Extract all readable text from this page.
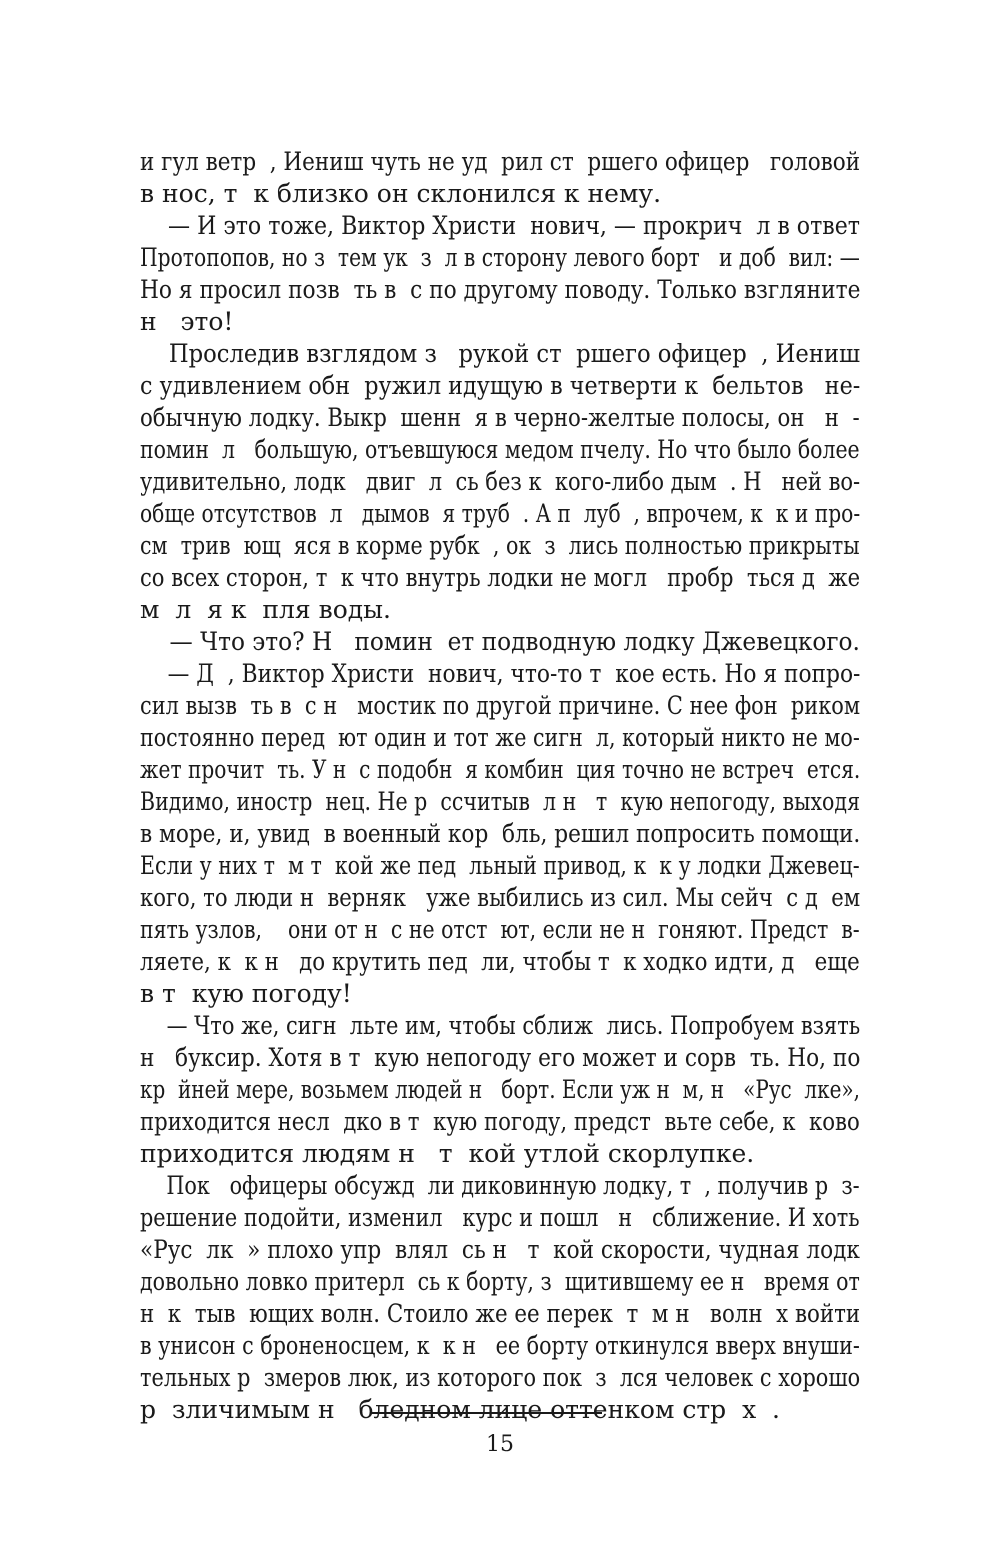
и гул ветр  , Иениш чуть не уд  рил ст  ршего офицер   головой
в нос, т  к близко он склонился к нему.
— И это тоже, Виктор Христи  нович, — прокрич  л в ответПротопопов, но з  тем ук  з  л в сторону левого борт   и доб  вил: —Но я просил позв  ть в  с по другому поводу. Только взгляните
н   это!
Проследив взглядом з   рукой ст  ршего офицер  , Иенишс удивлением обн  ружил идущую в четверти к  бельтов   не-обычную лодку. Выкр  шенн  я в черно-желтые полосы, он   н  -помин  л   большую, отъевшуюся медом пчелу. Но что было болееудивительно, лодк   двиг  л  сь без к  кого-либо дым  . Н   ней во-обще отсутствов  л   дымов  я труб  . А п  луб  , впрочем, к  к и про-см  трив  ющ  яся в корме рубк  , ок  з  лись полностью прикрытысо всех сторон, т  к что внутрь лодки не могл   пробр  ться д  же
м  л  я к  пля воды.
— Что это? Н   помин  ет подводную лодку Джевецкого.    — Д  , Виктор Христи  нович, что-то т  кое есть. Но я попро-сил вызв  ть в  с н   мостик по другой причине. С нее фон  рикомпостоянно перед  ют один и тот же сигн  л, который никто не мо-жет прочит  ть. У н  с подобн  я комбин  ция точно не встреч  ется.Видимо, иностр  нец. Не р  ссчитыв  л н   т  кую непогоду, выходяв море, и, увид  в военный кор  бль, решил попросить помощи.Если у них т  м т  кой же пед  льный привод, к  к у лодки Джевец-кого, то люди н  верняк   уже выбились из сил. Мы сейч  с д  емпять узлов,    они от н  с не отст  ют, если не н  гоняют. Предст  в-ляете, к  к н   до крутить пед  ли, чтобы т  к ходко идти, д   еще
в т  кую погоду!
— Что же, сигн  льте им, чтобы сближ  лись. Попробуем взятьн   буксир. Хотя в т  кую непогоду его может и сорв  ть. Но, покр  йней мере, возьмем людей н   борт. Если уж н  м, н   «Рус  лке»,приходится несл  дко в т  кую погоду, предст  вьте себе, к  ково
приходится людям н   т  кой утлой скорлупке.
Пок   офицеры обсужд  ли диковинную лодку, т  , получив р  з-решение подойти, изменил   курс и пошл   н   сближение. И хоть«Рус  лк  » плохо упр  влял  сь н   т  кой скорости, чудная лодкдовольно ловко притерл  сь к борту, з  щитившему ее н   время отн  к  тыв  ющих волн. Стоило же ее перек  т  м н   волн  х войтив унисон с броненосцем, к  к н   ее борту откинулся вверх внуши-тельных р  змеров люк, из которого пок  з  лся человек с хорошо
р  зличимым н   бледном лице оттенком стр  х  .
15
